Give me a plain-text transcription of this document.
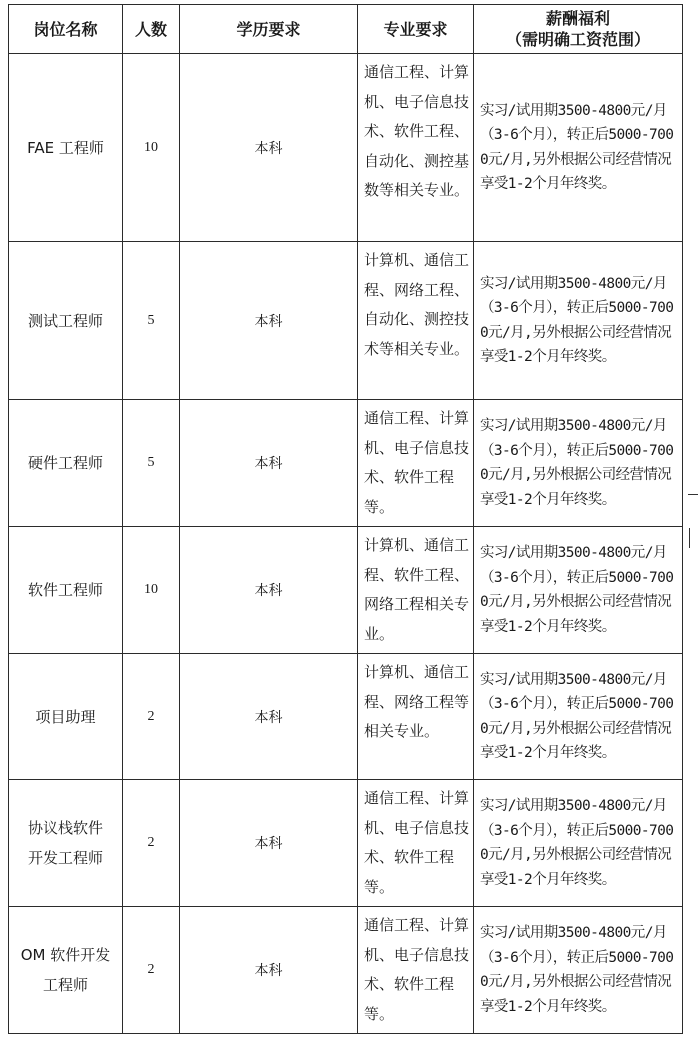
岗位名称	人数	学历要求	专业要求	薪酬福利
（需明确工资范围）

FAE 工程师	10	本科	通信工程、计算机、电子信息技术、软件工程、自动化、测控基数等相关专业。	实习/试用期3500-4800元/月（3-6个月），转正后5000-7000元/月,另外根据公司经营情况享受1-2个月年终奖。

测试工程师	5	本科	计算机、通信工程、网络工程、自动化、测控技术等相关专业。	实习/试用期3500-4800元/月（3-6个月），转正后5000-7000元/月,另外根据公司经营情况享受1-2个月年终奖。

硬件工程师	5	本科	通信工程、计算机、电子信息技术、软件工程等。	实习/试用期3500-4800元/月（3-6个月），转正后5000-7000元/月,另外根据公司经营情况享受1-2个月年终奖。

软件工程师	10	本科	计算机、通信工程、软件工程、网络工程相关专业。	实习/试用期3500-4800元/月（3-6个月），转正后5000-7000元/月,另外根据公司经营情况享受1-2个月年终奖。

项目助理	2	本科	计算机、通信工程、网络工程等相关专业。	实习/试用期3500-4800元/月（3-6个月），转正后5000-7000元/月,另外根据公司经营情况享受1-2个月年终奖。

协议栈软件
开发工程师	2	本科	通信工程、计算机、电子信息技术、软件工程等。	实习/试用期3500-4800元/月（3-6个月），转正后5000-7000元/月,另外根据公司经营情况享受1-2个月年终奖。

OM 软件开发
工程师	2	本科	通信工程、计算机、电子信息技术、软件工程等。	实习/试用期3500-4800元/月（3-6个月），转正后5000-7000元/月,另外根据公司经营情况享受1-2个月年终奖。
